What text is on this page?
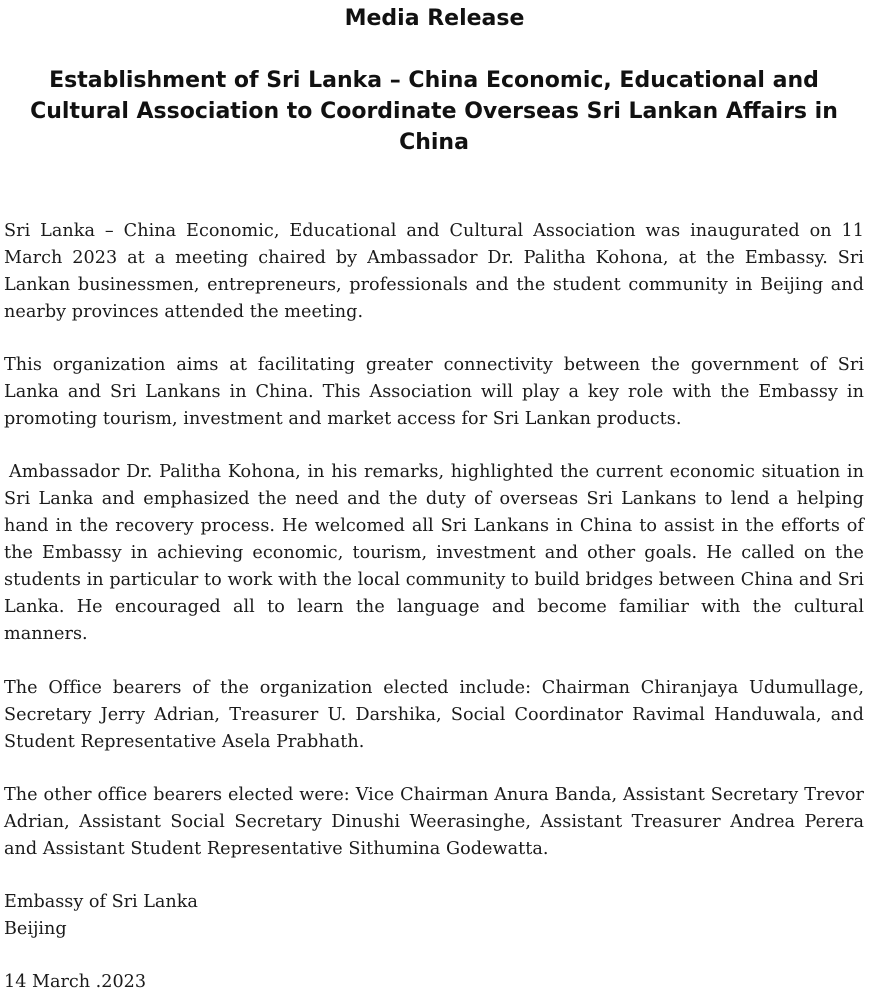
Media Release
Establishment of Sri Lanka – China Economic, Educational and Cultural Association to Coordinate Overseas Sri Lankan Affairs in China

Sri Lanka – China Economic, Educational and Cultural Association was inaugurated on 11 March 2023 at a meeting chaired by Ambassador Dr. Palitha Kohona, at the Embassy. Sri Lankan businessmen, entrepreneurs, professionals and the student community in Beijing and nearby provinces attended the meeting.

This organization aims at facilitating greater connectivity between the government of Sri Lanka and Sri Lankans in China. This Association will play a key role with the Embassy in promoting tourism, investment and market access for Sri Lankan products.

Ambassador Dr. Palitha Kohona, in his remarks, highlighted the current economic situation in Sri Lanka and emphasized the need and the duty of overseas Sri Lankans to lend a helping hand in the recovery process. He welcomed all Sri Lankans in China to assist in the efforts of the Embassy in achieving economic, tourism, investment and other goals. He called on the students in particular to work with the local community to build bridges between China and Sri Lanka. He encouraged all to learn the language and become familiar with the cultural manners.

The Office bearers of the organization elected include: Chairman Chiranjaya Udumullage, Secretary Jerry Adrian, Treasurer U. Darshika, Social Coordinator Ravimal Handuwala, and Student Representative Asela Prabhath.

The other office bearers elected were: Vice Chairman Anura Banda, Assistant Secretary Trevor Adrian, Assistant Social Secretary Dinushi Weerasinghe, Assistant Treasurer Andrea Perera and Assistant Student Representative Sithumina Godewatta.

Embassy of Sri Lanka

Beijing

14 March .2023
